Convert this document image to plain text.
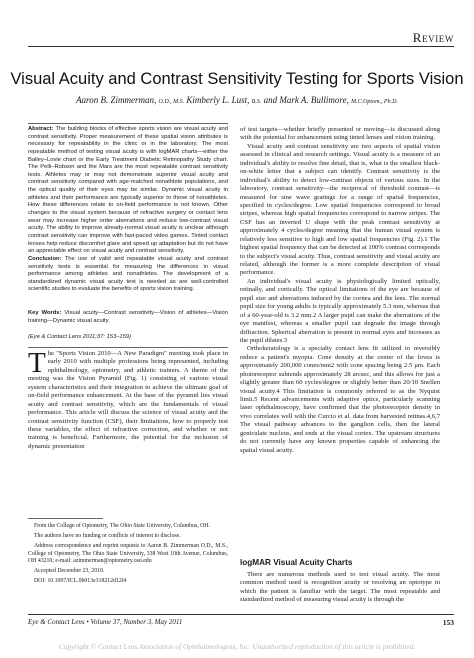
Review
Visual Acuity and Contrast Sensitivity Testing for Sports Vision
Aaron B. Zimmerman, O.D., M.S. Kimberly L. Lust, B.S. and Mark A. Bullimore, M.C.Optom., Ph.D.
Abstract: The building blocks of effective sports vision are visual acuity and contrast sensitivity. Proper measurement of these spatial vision attributes is necessary for repeatability in the clinic or in the laboratory. The most repeatable method of testing visual acuity is with logMAR charts—either the Bailey–Lovie chart or the Early Treatment Diabetic Retinopathy Study chart. The Pelli–Robson and the Mars are the most repeatable contrast sensitivity tests. Athletes may or may not demonstrate superior visual acuity and contrast sensitivity compared with age-matched nonathlete populations, and the optical quality of their eyes may be similar. Dynamic visual acuity in athletes and their performance are typically superior to those of nonathletes. How these differences relate to on-field performance is not known. Other changes to the visual system because of refractive surgery or contact lens wear may increase higher order aberrations and reduce low-contrast visual acuity. The ability to improve already-normal visual acuity is unclear although contrast sensitivity can improve with fast-paced video games. Tinted contact lenses help reduce discomfort glare and speed up adaptation but do not have an appreciable effect on visual acuity and contrast sensitivity.
Conclusion: The use of valid and repeatable visual acuity and contrast sensitivity tests is essential for measuring the differences in visual performance among athletes and nonathletes. The development of a standardized dynamic visual acuity test is needed as are well-controlled scientific studies to evaluate the benefits of sports vision training.
Key Words: Visual acuity—Contrast sensitivity—Vision of athletes—Vision training—Dynamic visual acuity.
(Eye & Contact Lens 2011;37: 153–159)
The "Sports Vision 2010—A New Paradigm" meeting took place in early 2010 with multiple professions being represented, including ophthalmology, optometry, and athletic trainers. A theme of the meeting was the Vision Pyramid (Fig. 1) consisting of various visual system characteristics and their integration to achieve the ultimate goal of on-field performance enhancement. At the base of the pyramid lies visual acuity and contrast sensitivity, which are the fundamentals of visual performance. This article will discuss the science of visual acuity and the contrast sensitivity function (CSF), their limitations, how to properly test these variables, the effect of refractive correction, and whether or not training is beneficial. Furthermore, the potential for the inclusion of dynamic presentation

From the College of Optometry, The Ohio State University, Columbus, OH.

The authors have no funding or conflicts of interest to disclose.

Address correspondence and reprint requests to Aaron B. Zimmerman O.D., M.S., College of Optometry, The Ohio State University, 338 West 10th Avenue, Columbus, OH 43210; e-mail: azimmerman@optometry.osu.edu

Accepted December 23, 2010.

DOI: 10.1097/ICL.0b013e318212d12f4

of test targets—whether briefly presented or moving—is discussed along with the potential for enhancement using tinted lenses and vision training.

Visual acuity and contrast sensitivity are two aspects of spatial vision assessed in clinical and research settings. Visual acuity is a measure of an individual's ability to resolve fine detail, that is, what is the smallest black-on-white letter that a subject can identify. Contrast sensitivity is the individual's ability to detect low-contrast objects of various sizes. In the laboratory, contrast sensitivity—the reciprocal of threshold contrast—is measured for sine wave gratings for a range of spatial frequencies, specified in cycles/degree. Low spatial frequencies correspond to broad stripes, whereas high spatial frequencies correspond to narrow stripes. The CSF has an inverted U shape with the peak contrast sensitivity at approximately 4 cycles/degree meaning that the human visual system is relatively less sensitive to high and low spatial frequencies (Fig. 2).1 The highest spatial frequency that can be detected at 100% contrast corresponds to the subject's visual acuity. Thus, contrast sensitivity and visual acuity are related, although the former is a more complete description of visual performance.

An individual's visual acuity is physiologically limited optically, retinally, and cortically. The optical limitations of the eye are because of pupil size and aberrations induced by the cornea and the lens. The normal pupil size for young adults is typically approximately 5.3 mm, whereas that of a 60-year-old is 3.2 mm.2 A larger pupil can make the aberrations of the eye manifest, whereas a smaller pupil can degrade the image through diffraction. Spherical aberration is present in normal eyes and increases as the pupil dilates.3

Orthokeratology is a specialty contact lens fit utilized to reversibly reduce a patient's myopia. Cone density at the center of the fovea is approximately 200,000 cones/mm2 with cone spacing being 2.5 μm. Each photoreceptor subtends approximately 28 arcsec, and this allows for just a slightly greater than 60 cycles/degree or slightly better than 20/10 Snellen visual acuity.4 This limitation is commonly referred to as the Nyquist limit.5 Recent advancements with adaptive optics, particularly scanning laser ophthalmoscopy, have confirmed that the photoreceptor density in vivo correlates well with the Curcio et al. data from harvested retinas.4,6,7 The visual pathway advances to the ganglion cells, then the lateral geniculate nucleus, and ends at the visual cortex. The upstream structures do not currently have any known properties capable of enhancing the spatial visual acuity.

logMAR Visual Acuity Charts

There are numerous methods used to test visual acuity. The most common method used is recognition acuity or resolving an optotype in which the patient is familiar with the target. The most repeatable and standardized method of measuring visual acuity is through the

Eye & Contact Lens • Volume 37, Number 3, May 2011	153
Copyright © Contact Lens Association of Ophthalmologists, Inc. Unauthorized reproduction of this article is prohibited.
